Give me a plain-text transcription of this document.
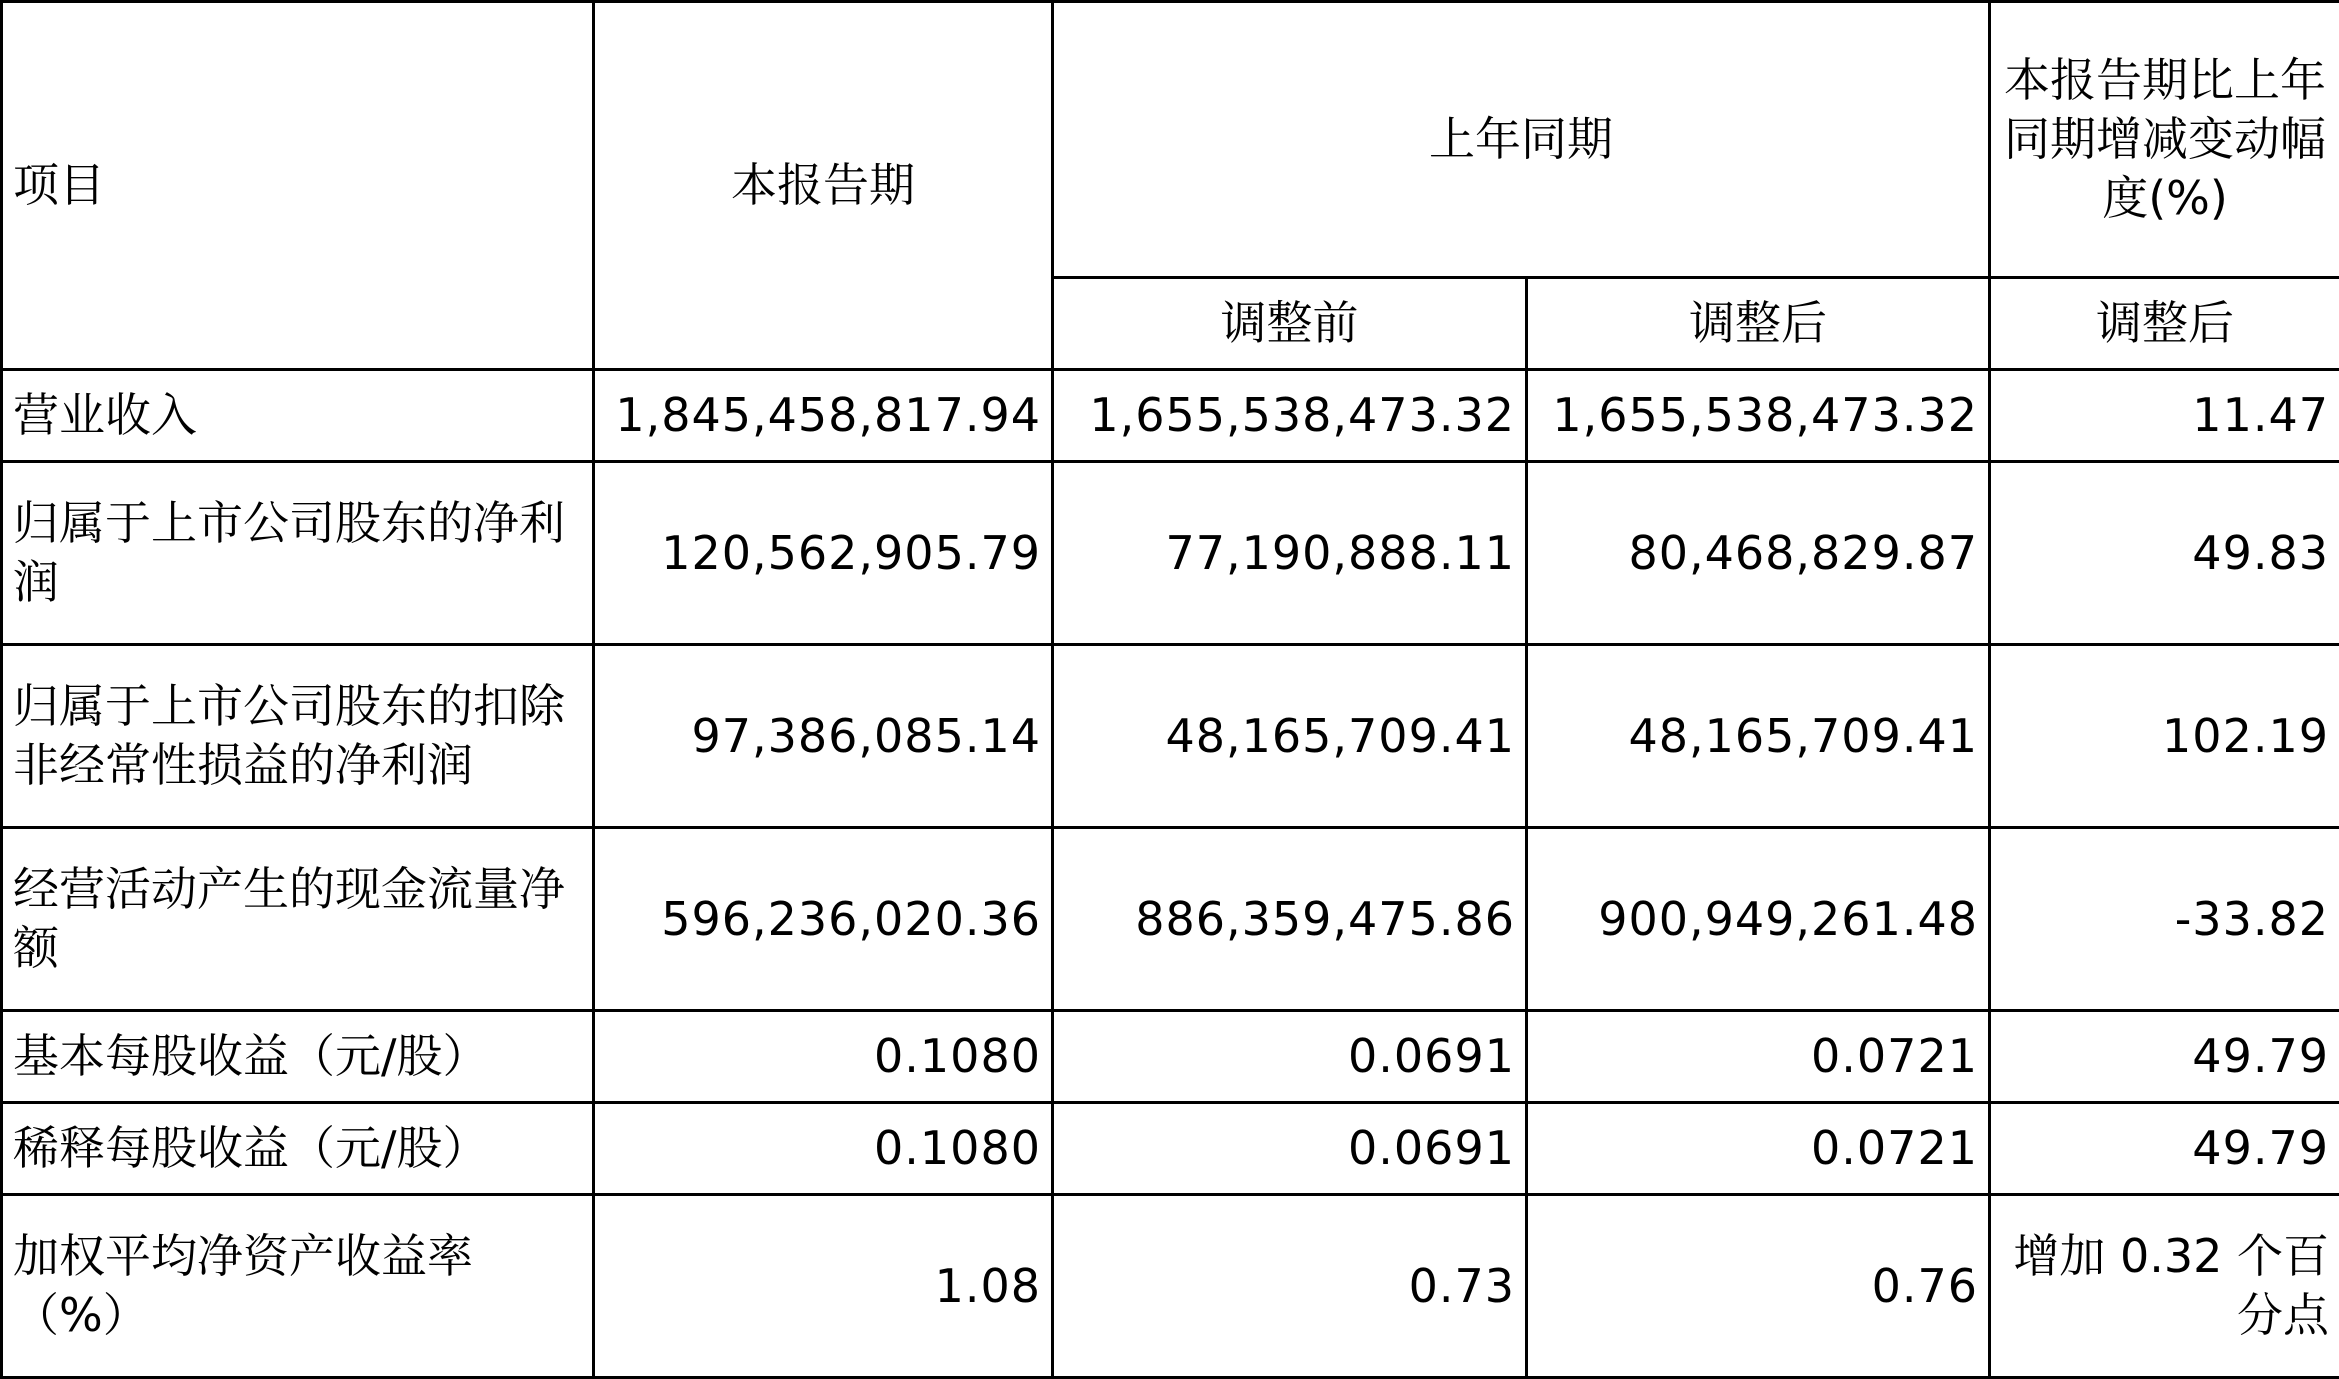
项目	本报告期	上年同期		本报告期比上年同期增减变动幅度(%)
		调整前	调整后	调整后
营业收入	1,845,458,817.94	1,655,538,473.32	1,655,538,473.32	11.47
归属于上市公司股东的净利润	120,562,905.79	77,190,888.11	80,468,829.87	49.83
归属于上市公司股东的扣除非经常性损益的净利润	97,386,085.14	48,165,709.41	48,165,709.41	102.19
经营活动产生的现金流量净额	596,236,020.36	886,359,475.86	900,949,261.48	-33.82
基本每股收益（元/股）	0.1080	0.0691	0.0721	49.79
稀释每股收益（元/股）	0.1080	0.0691	0.0721	49.79
加权平均净资产收益率（%）	1.08	0.73	0.76	增加 0.32 个百分点
